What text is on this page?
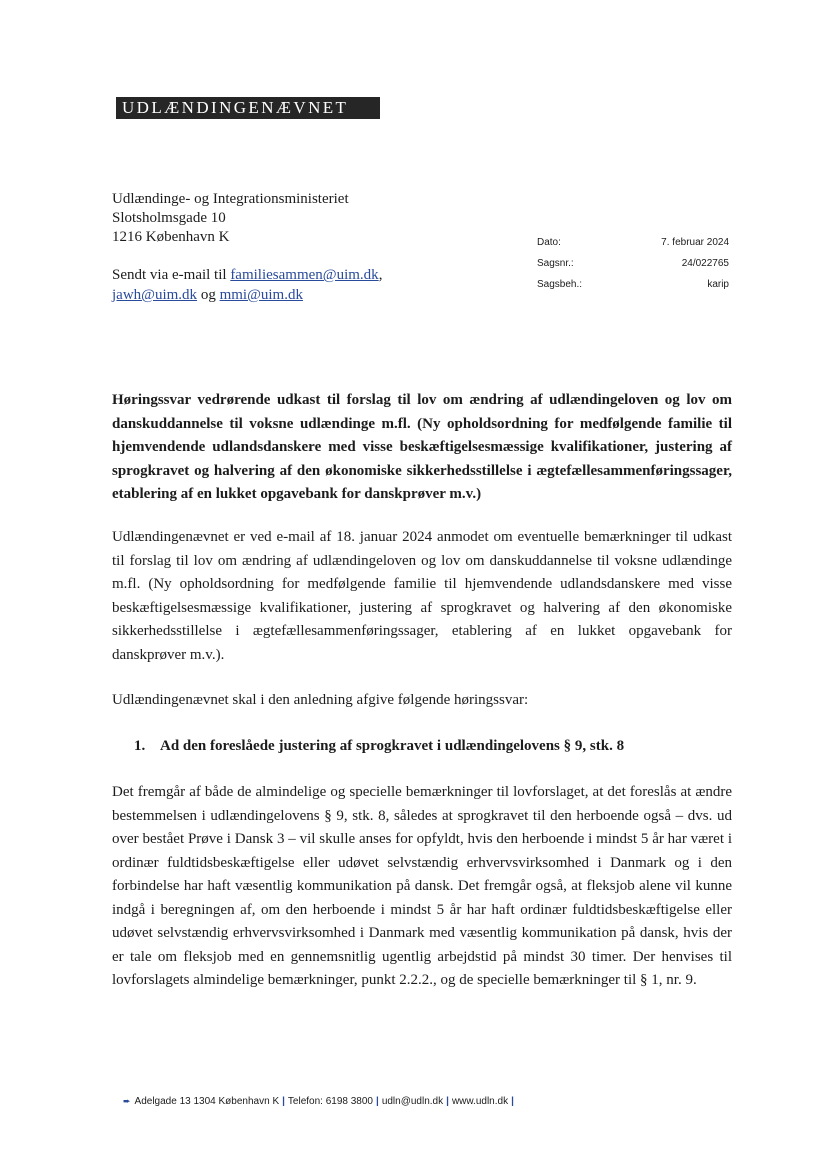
UDLÆNDINGENÆVNET
Udlændinge- og Integrationsministeriet
Slotsholmsgade 10
1216 København K
Sendt via e-mail til familiesammen@uim.dk,
jawh@uim.dk og mmi@uim.dk
Dato:	7. februar 2024
Sagsnr.:	24/022765
Sagsbeh.:	karip
Høringssvar vedrørende udkast til forslag til lov om ændring af udlændingeloven og lov om danskuddannelse til voksne udlændinge m.fl. (Ny opholdsordning for medfølgende familie til hjemvendende udlandsdanskere med visse beskæftigelsesmæssige kvalifikationer, justering af sprogkravet og halvering af den økonomiske sikkerhedsstillelse i ægtefællesammenføringssager, etablering af en lukket opgavebank for danskprøver m.v.)
Udlændingenævnet er ved e-mail af 18. januar 2024 anmodet om eventuelle bemærkninger til udkast til forslag til lov om ændring af udlændingeloven og lov om danskuddannelse til voksne udlændinge m.fl. (Ny opholdsordning for medfølgende familie til hjemvendende udlandsdanskere med visse beskæftigelsesmæssige kvalifikationer, justering af sprogkravet og halvering af den økonomiske sikkerhedsstillelse i ægtefællesammenføringssager, etablering af en lukket opgavebank for danskprøver m.v.).
Udlændingenævnet skal i den anledning afgive følgende høringssvar:
1. Ad den foreslåede justering af sprogkravet i udlændingelovens § 9, stk. 8
Det fremgår af både de almindelige og specielle bemærkninger til lovforslaget, at det foreslås at ændre bestemmelsen i udlændingelovens § 9, stk. 8, således at sprogkravet til den herboende også – dvs. ud over bestået Prøve i Dansk 3 – vil skulle anses for opfyldt, hvis den herboende i mindst 5 år har været i ordinær fuldtidsbeskæftigelse eller udøvet selvstændig erhvervsvirksomhed i Danmark og i den forbindelse har haft væsentlig kommunikation på dansk. Det fremgår også, at fleksjob alene vil kunne indgå i beregningen af, om den herboende i mindst 5 år har haft ordinær fuldtidsbeskæftigelse eller udøvet selvstændig erhvervsvirksomhed i Danmark med væsentlig kommunikation på dansk, hvis der er tale om fleksjob med en gennemsnitlig ugentlig arbejdstid på mindst 30 timer. Der henvises til lovforslagets almindelige bemærkninger, punkt 2.2.2., og de specielle bemærkninger til § 1, nr. 9.
➨ Adelgade 13 1304 København K | Telefon: 6198 3800 | udln@udln.dk | www.udln.dk |
